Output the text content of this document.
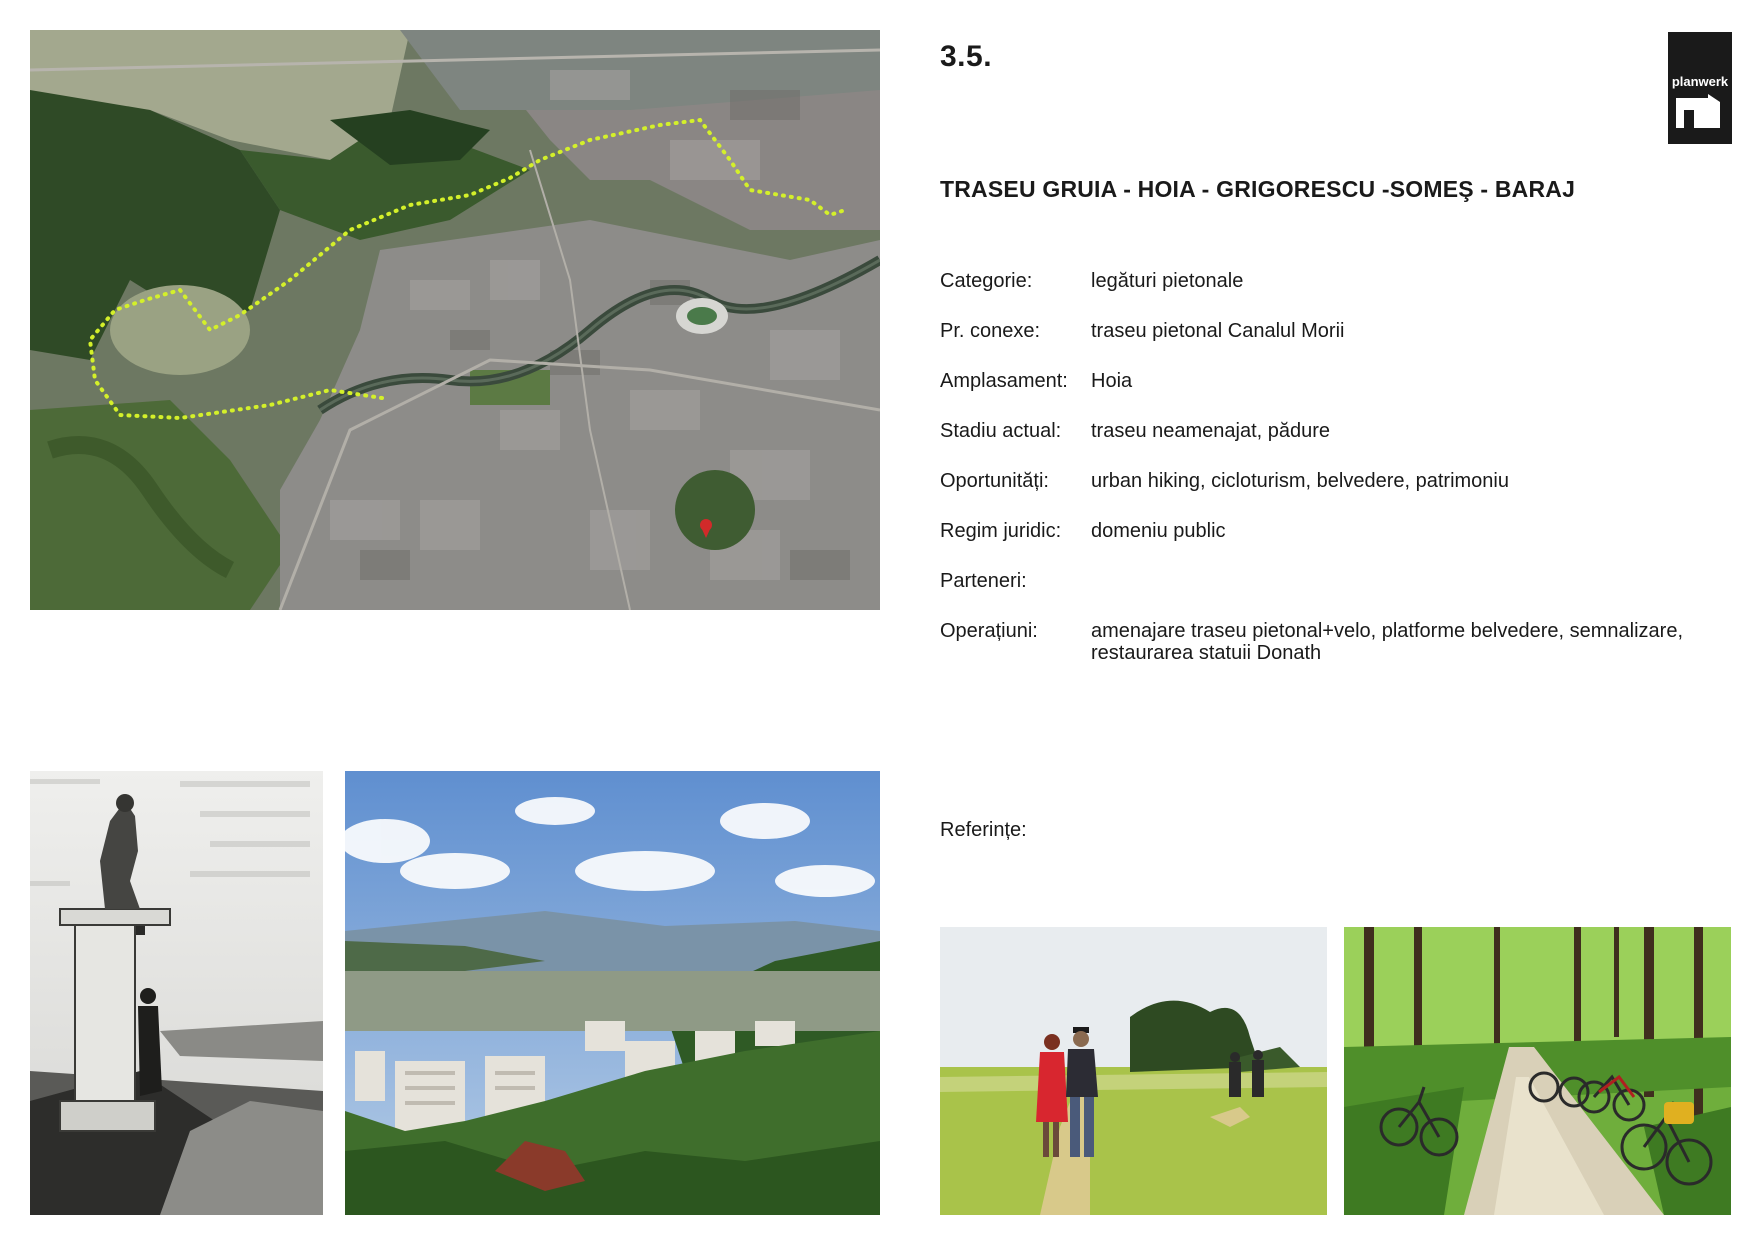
3.5.
planwerk
TRASEU GRUIA - HOIA - GRIGORESCU -SOMEŞ - BARAJ
Categorie:	legături pietonale
Pr. conexe:	traseu pietonal Canalul Morii
Amplasament:	Hoia
Stadiu actual:	traseu neamenajat, pădure
Oportunități:	urban hiking, cicloturism, belvedere, patrimoniu
Regim juridic:	domeniu public
Parteneri:
Operațiuni:	amenajare traseu pietonal+velo, platforme belvedere, semnalizare, restaurarea statuii Donath
Referințe:
